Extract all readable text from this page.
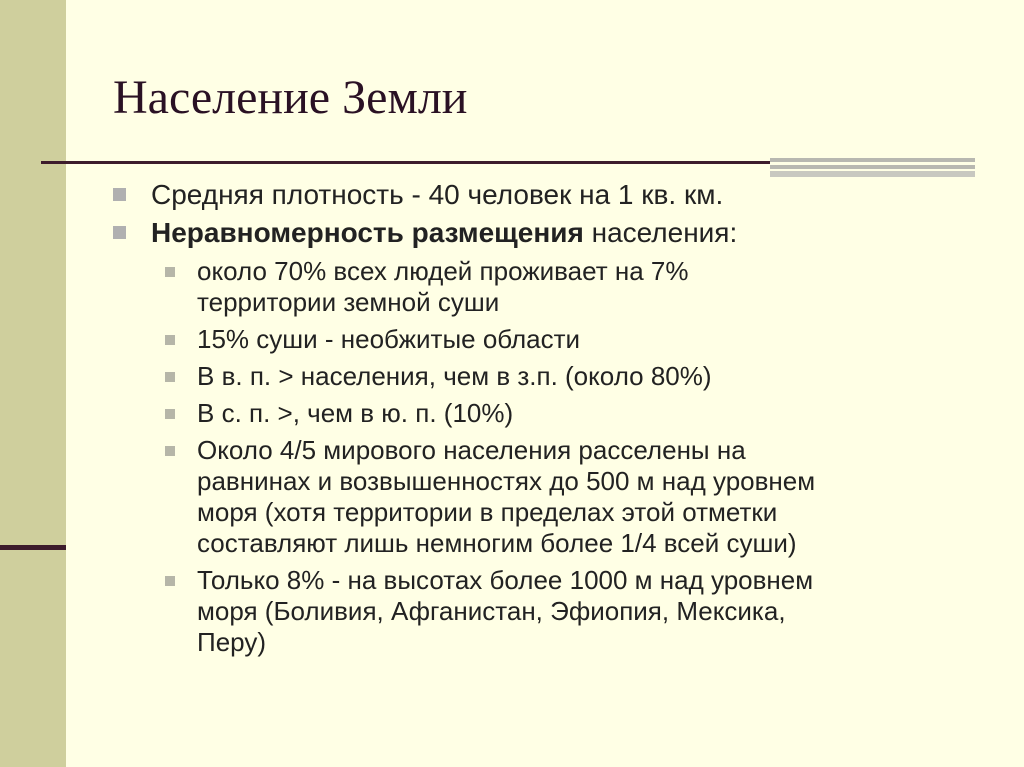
Население Земли
Средняя плотность - 40 человек на 1 кв. км.
Неравномерность размещения населения:
около 70% всех людей проживает на 7%
территории земной суши
15% суши - необжитые области
В в. п. > населения, чем в з.п. (около 80%)
В с. п. >, чем в ю. п. (10%)
Около 4/5 мирового населения расселены на
равнинах и возвышенностях до 500 м над уровнем
моря (хотя территории в пределах этой отметки
составляют лишь немногим более 1/4 всей суши)
Только 8% - на высотах более 1000 м над уровнем
моря (Боливия, Афганистан, Эфиопия, Мексика,
Перу)
